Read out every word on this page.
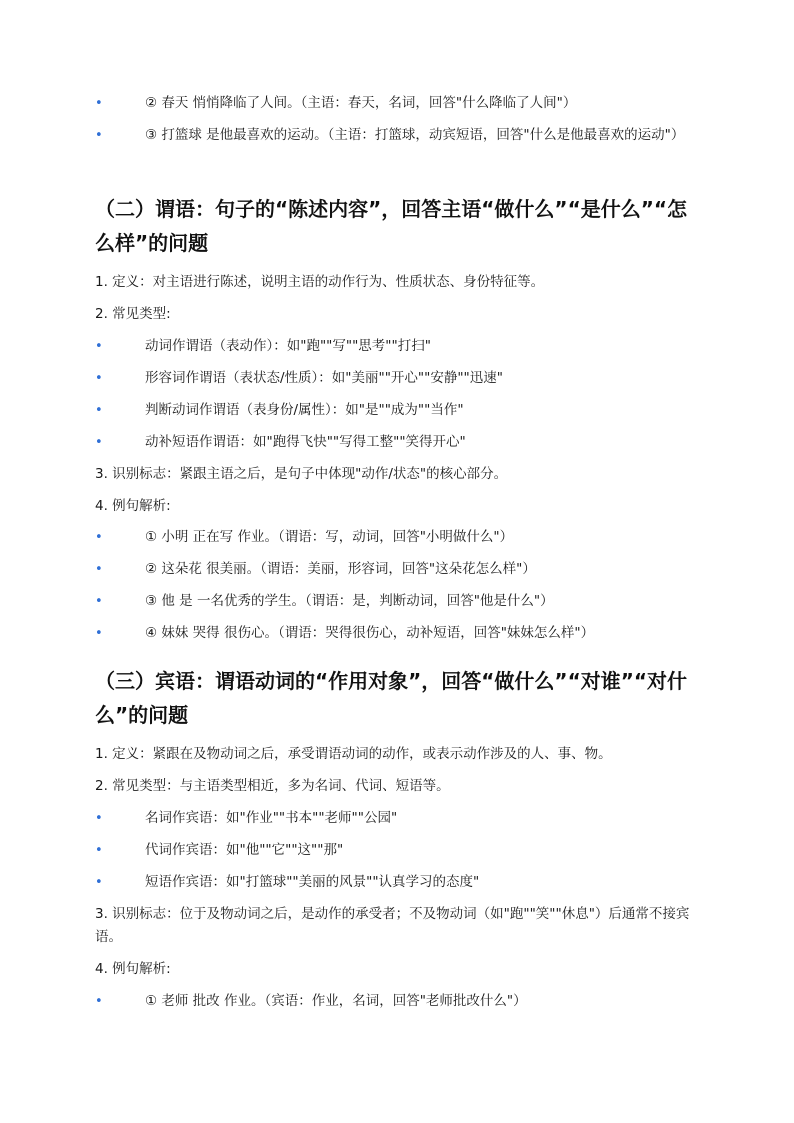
•	② 春天 悄悄降临了人间。（主语：春天，名词，回答"什么降临了人间"）
•	③ 打篮球 是他最喜欢的运动。（主语：打篮球，动宾短语，回答"什么是他最喜欢的运动"）
（二）谓语：句子的“陈述内容”，回答主语“做什么”“是什么”“怎么样”的问题
1. 定义：对主语进行陈述，说明主语的动作行为、性质状态、身份特征等。
2. 常见类型:
•	动词作谓语（表动作）：如"跑""写""思考""打扫"
•	形容词作谓语（表状态/性质）：如"美丽""开心""安静""迅速"
•	判断动词作谓语（表身份/属性）：如"是""成为""当作"
•	动补短语作谓语：如"跑得飞快""写得工整""笑得开心"
3. 识别标志：紧跟主语之后，是句子中体现"动作/状态"的核心部分。
4. 例句解析:
•	① 小明 正在写 作业。（谓语：写，动词，回答"小明做什么"）
•	② 这朵花 很美丽。（谓语：美丽，形容词，回答"这朵花怎么样"）
•	③ 他 是 一名优秀的学生。（谓语：是，判断动词，回答"他是什么"）
•	④ 妹妹 哭得 很伤心。（谓语：哭得很伤心，动补短语，回答"妹妹怎么样"）
（三）宾语：谓语动词的“作用对象”，回答“做什么”“对谁”“对什么”的问题
1. 定义：紧跟在及物动词之后，承受谓语动词的动作，或表示动作涉及的人、事、物。
2. 常见类型：与主语类型相近，多为名词、代词、短语等。
•	名词作宾语：如"作业""书本""老师""公园"
•	代词作宾语：如"他""它""这""那"
•	短语作宾语：如"打篮球""美丽的风景""认真学习的态度"
3. 识别标志：位于及物动词之后，是动作的承受者；不及物动词（如"跑""笑""休息"）后通常不接宾语。
4. 例句解析:
•	① 老师 批改 作业。（宾语：作业，名词，回答"老师批改什么"）
